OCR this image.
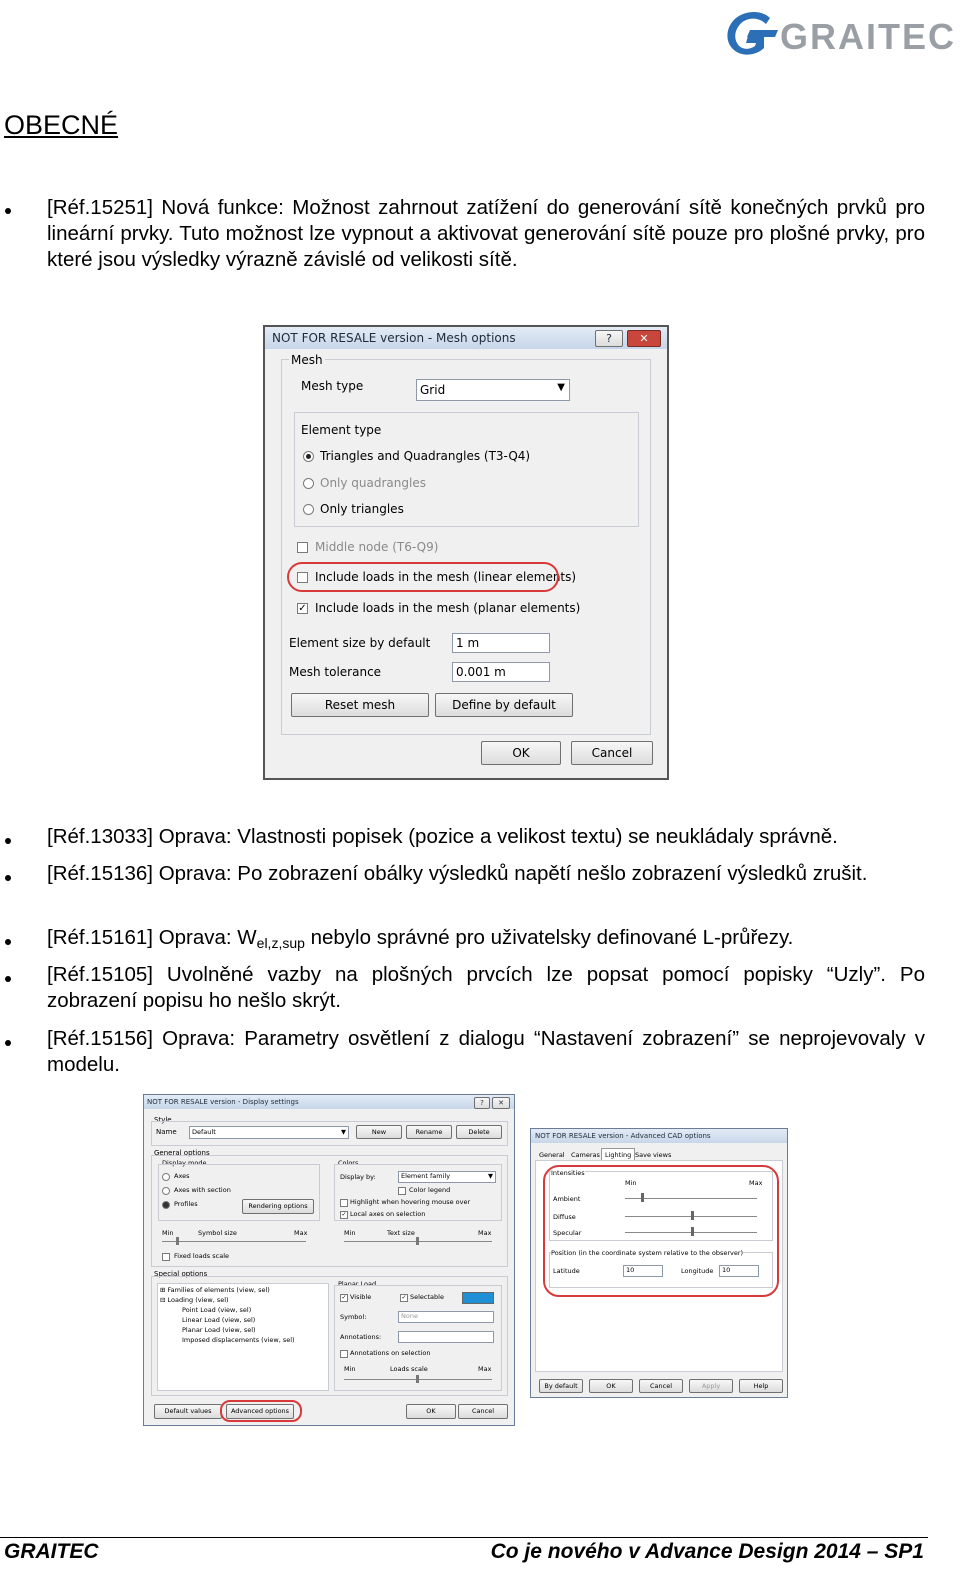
GRAITEC
OBECNÉ
[Réf.15251] Nová funkce: Možnost zahrnout zatížení do generování sítě konečných prvků pro lineární prvky. Tuto možnost lze vypnout a aktivovat generování sítě pouze pro plošné prvky, pro které jsou výsledky výrazně závislé od velikosti sítě.
NOT FOR RESALE version - Mesh options	?	✕
Mesh
Mesh type	Grid	▼
Element type
Triangles and Quadrangles (T3-Q4)
Only quadrangles
Only triangles
Middle node (T6-Q9)
Include loads in the mesh (linear elements)
✓ Include loads in the mesh (planar elements)
Element size by default 1 m
Mesh tolerance	0.001 m
Reset mesh	Define by default
OK	Cancel
[Réf.13033] Oprava: Vlastnosti popisek (pozice a velikost textu) se neukládaly správně.
[Réf.15136] Oprava: Po zobrazení obálky výsledků napětí nešlo zobrazení výsledků zrušit.
[Réf.15161] Oprava: $W_{el,z,sup}$ nebylo správné pro uživatelsky definované L-průřezy.
[Réf.15105] Uvolněné vazby na plošných prvcích lze popsat pomocí popisky “Uzly”. Po zobrazení popisu ho nešlo skrýt.
[Réf.15156] Oprava: Parametry osvětlení z dialogu “Nastavení zobrazení” se neprojevovaly v modelu.
NOT FOR RESALE version - Display settings	?	✕
Style
Name Default	▼	New	Rename	Delete
General options
Display mode
Axes
Axes with section
Profiles	Rendering options
Colors
Display by:	Element family	▼
Color legend
Highlight when hovering mouse over
✓ Local axes on selection
Min	Symbol size	Max	Min	Text size	Max
Fixed loads scale
Special options
⊞ Families of elements (view, sel)
⊟ Loading (view, sel)
Point Load (view, sel)
Linear Load (view, sel)
Planar Load (view, sel)
Imposed displacements (view, sel)
Planar Load
✓ Visible	✓ Selectable
Symbol:	None
Annotations:
Annotations on selection
Min	Loads scale	Max
Default values	Advanced options	OK	Cancel
NOT FOR RESALE version - Advanced CAD options
General Cameras Lighting Save views
Intensities
Min	Max
Ambient
Diffuse
Specular
Position (in the coordinate system relative to the observer)
Latitude	10	Longitude 10
By default	OK	Cancel	Apply	Help
GRAITEC	Co je nového v Advance Design 2014 – SP1
